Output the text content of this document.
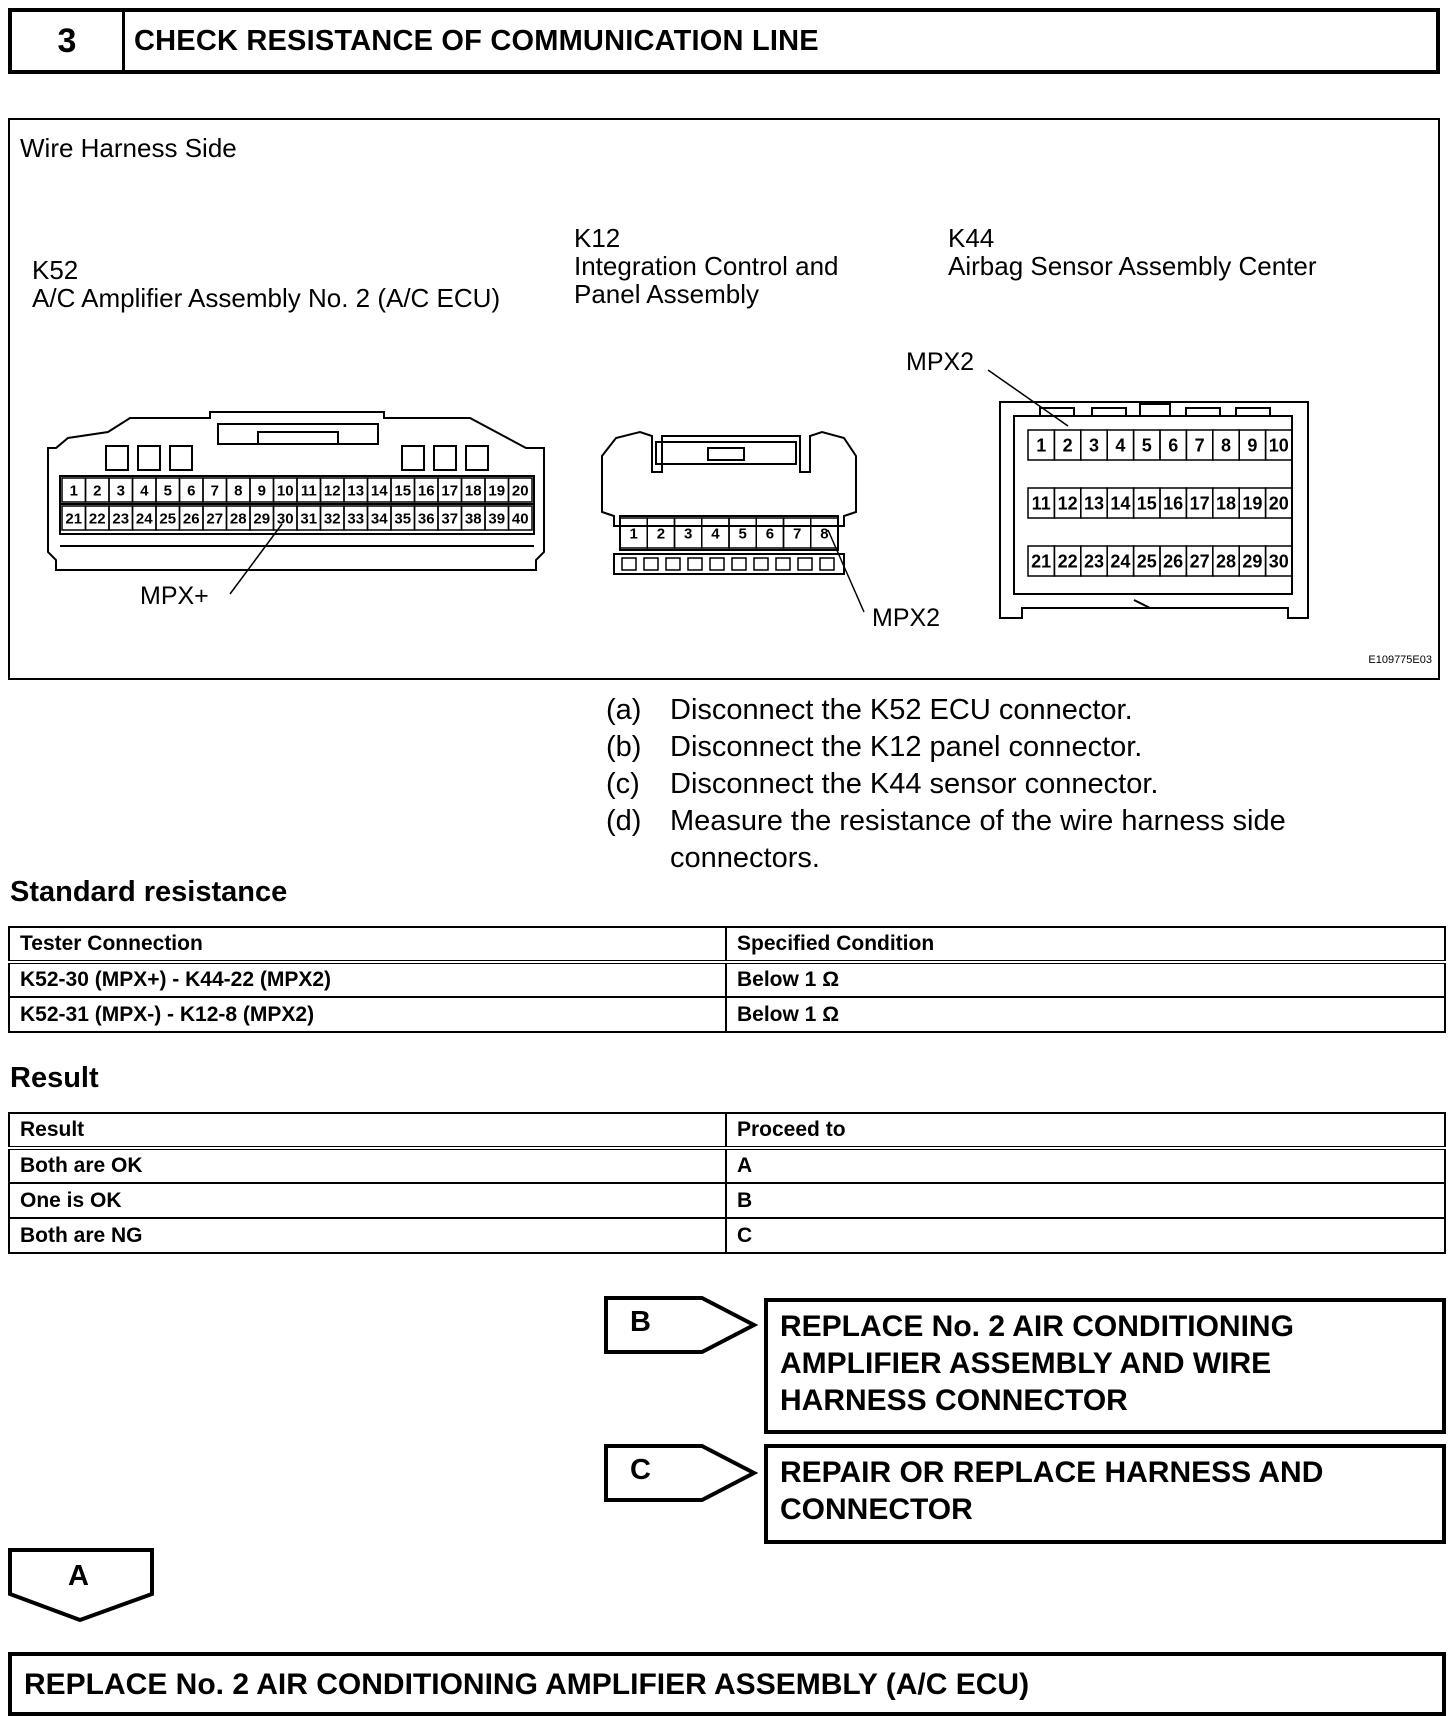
3	CHECK RESISTANCE OF COMMUNICATION LINE
Wire Harness Side
K52
A/C Amplifier Assembly No. 2 (A/C ECU)
K12
Integration Control and
Panel Assembly
K44
Airbag Sensor Assembly Center
1 2 3 4 5 6 7 8 9 10 11 12 13 14 15 16 17 18 19 20
21 22 23 24 25 26 27 28 29 30 31 32 33 34 35 36 37 38 39 40
MPX+
1 2 3 4 5 6 7 8
MPX2
1 2 3 4 5 6 7 8 9 10
11 12 13 14 15 16 17 18 19 20
21 22 23 24 25 26 27 28 29 30
MPX2
E109775E03
(a) Disconnect the K52 ECU connector.
(b) Disconnect the K12 panel connector.
(c)	Disconnect the K44 sensor connector.
(d) Measure the resistance of the wire harness side
connectors.
Standard resistance
Tester Connection	Specified Condition
K52-30 (MPX+) - K44-22 (MPX2)	Below 1 Ω
K52-31 (MPX-) - K12-8 (MPX2)	Below 1 Ω
Result
Result	Proceed to
Both are OK	A
One is OK	B
Both are NG	C
B	REPLACE No. 2 AIR CONDITIONING
AMPLIFIER ASSEMBLY AND WIRE
HARNESS CONNECTOR
C	REPAIR OR REPLACE HARNESS AND
CONNECTOR
A
REPLACE No. 2 AIR CONDITIONING AMPLIFIER ASSEMBLY (A/C ECU)
